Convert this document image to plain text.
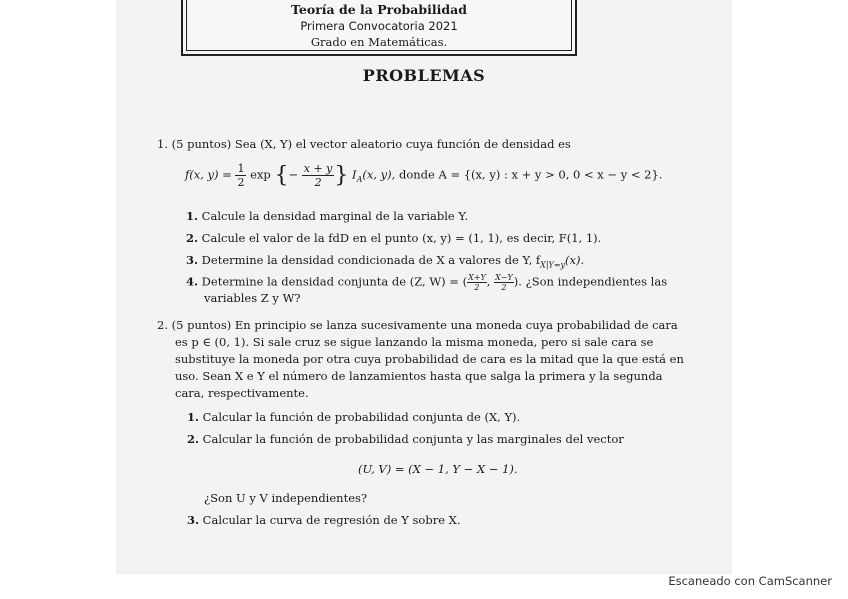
Teoría de la Probabilidad
Primera Convocatoria 2021
Grado en Matemáticas.
PROBLEMAS
1. (5 puntos) Sea (X, Y) el vector aleatorio cuya función de densidad es
f(x, $y) = \frac{1}{2}$ exp {− $\frac{x + y}{2}$ } $I_A(x$, y), donde A = {(x, y) : x + y > 0, 0 < x − y < 2}.
1. Calcule la densidad marginal de la variable Y.
2. Calcule el valor de la fdD en el punto (x, y) = (1, 1), es decir, F(1, 1).
3. Determine la densidad condicionada de X a valores de Y, $f_{X|Y=y}(x)$.
4. Determine la densidad conjunta de (Z, W) = ( $\frac{X+Y}{2}$ , $\frac{X-Y}{2}$ ). ¿Son independientes las
variables Z y W?
2. (5 puntos) En principio se lanza sucesivamente una moneda cuya probabilidad de cara
es p ∈ (0, 1). Si sale cruz se sigue lanzando la misma moneda, pero si sale cara se
substituye la moneda por otra cuya probabilidad de cara es la mitad que la que está en
uso. Sean X e Y el número de lanzamientos hasta que salga la primera y la segunda
cara, respectivamente.
1. Calcular la función de probabilidad conjunta de (X, Y).
2. Calcular la función de probabilidad conjunta y las marginales del vector
(U, V) = (X − 1, Y − X − 1).
¿Son U y V independientes?
3. Calcular la curva de regresión de Y sobre X.
Escaneado con CamScanner
